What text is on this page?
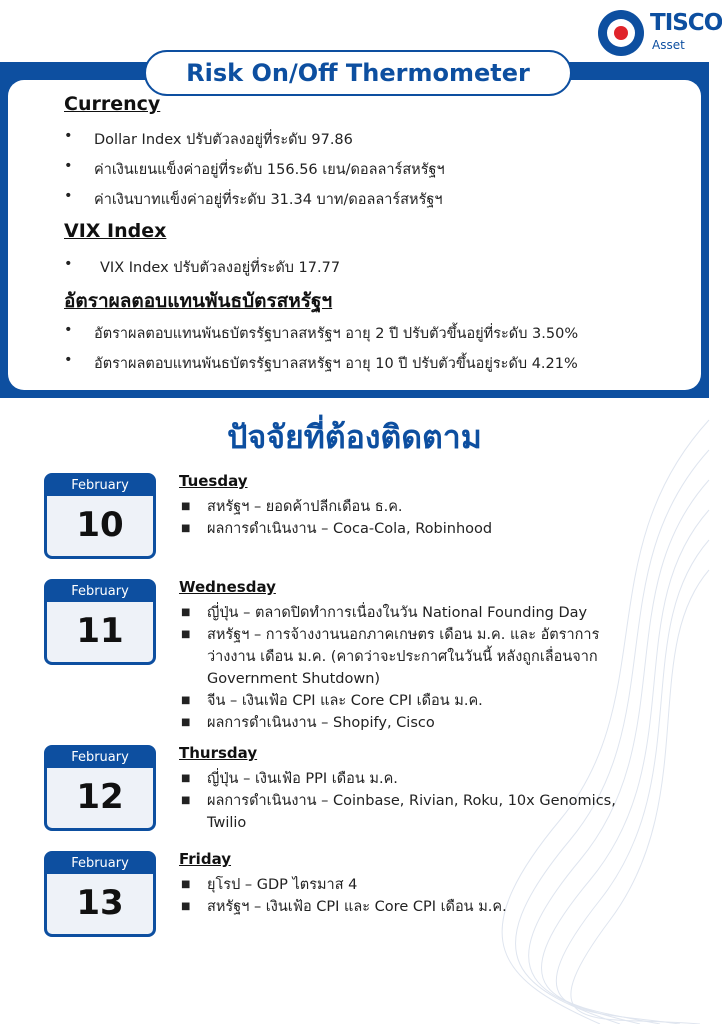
TISCO
Asset
Risk On/Off Thermometer
Currency
• Dollar Index ปรับตัวลงอยู่ที่ระดับ 97.86
• ค่าเงินเยนแข็งค่าอยู่ที่ระดับ 156.56 เยน/ดอลลาร์สหรัฐฯ
• ค่าเงินบาทแข็งค่าอยู่ที่ระดับ 31.34 บาท/ดอลลาร์สหรัฐฯ
VIX Index
• VIX Index ปรับตัวลงอยู่ที่ระดับ 17.77
อัตราผลตอบแทนพันธบัตรสหรัฐฯ
• อัตราผลตอบแทนพันธบัตรรัฐบาลสหรัฐฯ อายุ 2 ปี ปรับตัวขึ้นอยู่ที่ระดับ 3.50%
• อัตราผลตอบแทนพันธบัตรรัฐบาลสหรัฐฯ อายุ 10 ปี ปรับตัวขึ้นอยู่ระดับ 4.21%
ปัจจัยที่ต้องติดตาม
February
10
Tuesday
■ สหรัฐฯ – ยอดค้าปลีกเดือน ธ.ค.
■ ผลการดำเนินงาน – Coca-Cola, Robinhood
February
11
Wednesday
■ ญี่ปุ่น – ตลาดปิดทำการเนื่องในวัน National Founding Day
■ สหรัฐฯ – การจ้างงานนอกภาคเกษตร เดือน ม.ค. และ อัตราการ
ว่างงาน เดือน ม.ค. (คาดว่าจะประกาศในวันนี้ หลังถูกเลื่อนจาก
Government Shutdown)
■ จีน – เงินเฟ้อ CPI และ Core CPI เดือน ม.ค.
■ ผลการดำเนินงาน – Shopify, Cisco
February
12
Thursday
■ ญี่ปุ่น – เงินเฟ้อ PPI เดือน ม.ค.
■ ผลการดำเนินงาน – Coinbase, Rivian, Roku, 10x Genomics,
Twilio
February
13
Friday
■ ยุโรป – GDP ไตรมาส 4
■ สหรัฐฯ – เงินเฟ้อ CPI และ Core CPI เดือน ม.ค.
